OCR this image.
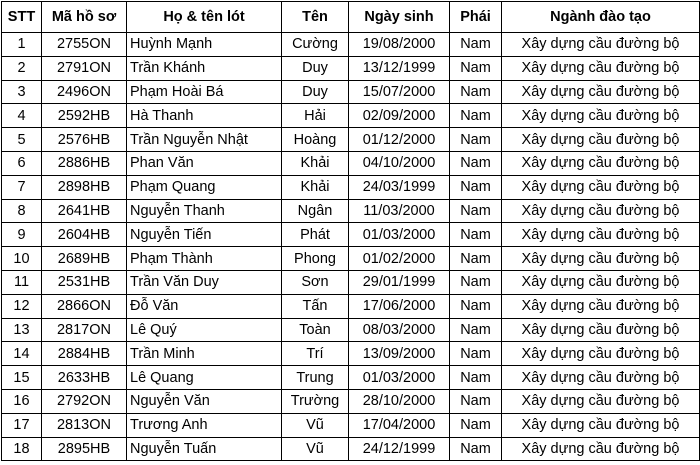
STT	Mã hồ sơ	Họ & tên lót	Tên	Ngày sinh	Phái	Ngành đào tạo
1	2755ON	Huỳnh Mạnh	Cường	19/08/2000	Nam	Xây dựng cầu đường bộ
2	2791ON	Trần Khánh	Duy	13/12/1999	Nam	Xây dựng cầu đường bộ
3	2496ON	Phạm Hoài Bá	Duy	15/07/2000	Nam	Xây dựng cầu đường bộ
4	2592HB	Hà Thanh	Hải	02/09/2000	Nam	Xây dựng cầu đường bộ
5	2576HB	Trần Nguyễn Nhật	Hoàng	01/12/2000	Nam	Xây dựng cầu đường bộ
6	2886HB	Phan Văn	Khải	04/10/2000	Nam	Xây dựng cầu đường bộ
7	2898HB	Phạm Quang	Khải	24/03/1999	Nam	Xây dựng cầu đường bộ
8	2641HB	Nguyễn Thanh	Ngân	11/03/2000	Nam	Xây dựng cầu đường bộ
9	2604HB	Nguyễn Tiến	Phát	01/03/2000	Nam	Xây dựng cầu đường bộ
10	2689HB	Phạm Thành	Phong	01/02/2000	Nam	Xây dựng cầu đường bộ
11	2531HB	Trần Văn Duy	Sơn	29/01/1999	Nam	Xây dựng cầu đường bộ
12	2866ON	Đỗ Văn	Tấn	17/06/2000	Nam	Xây dựng cầu đường bộ
13	2817ON	Lê Quý	Toàn	08/03/2000	Nam	Xây dựng cầu đường bộ
14	2884HB	Trần Minh	Trí	13/09/2000	Nam	Xây dựng cầu đường bộ
15	2633HB	Lê Quang	Trung	01/03/2000	Nam	Xây dựng cầu đường bộ
16	2792ON	Nguyễn Văn	Trường	28/10/2000	Nam	Xây dựng cầu đường bộ
17	2813ON	Trương Anh	Vũ	17/04/2000	Nam	Xây dựng cầu đường bộ
18	2895HB	Nguyễn Tuấn	Vũ	24/12/1999	Nam	Xây dựng cầu đường bộ
